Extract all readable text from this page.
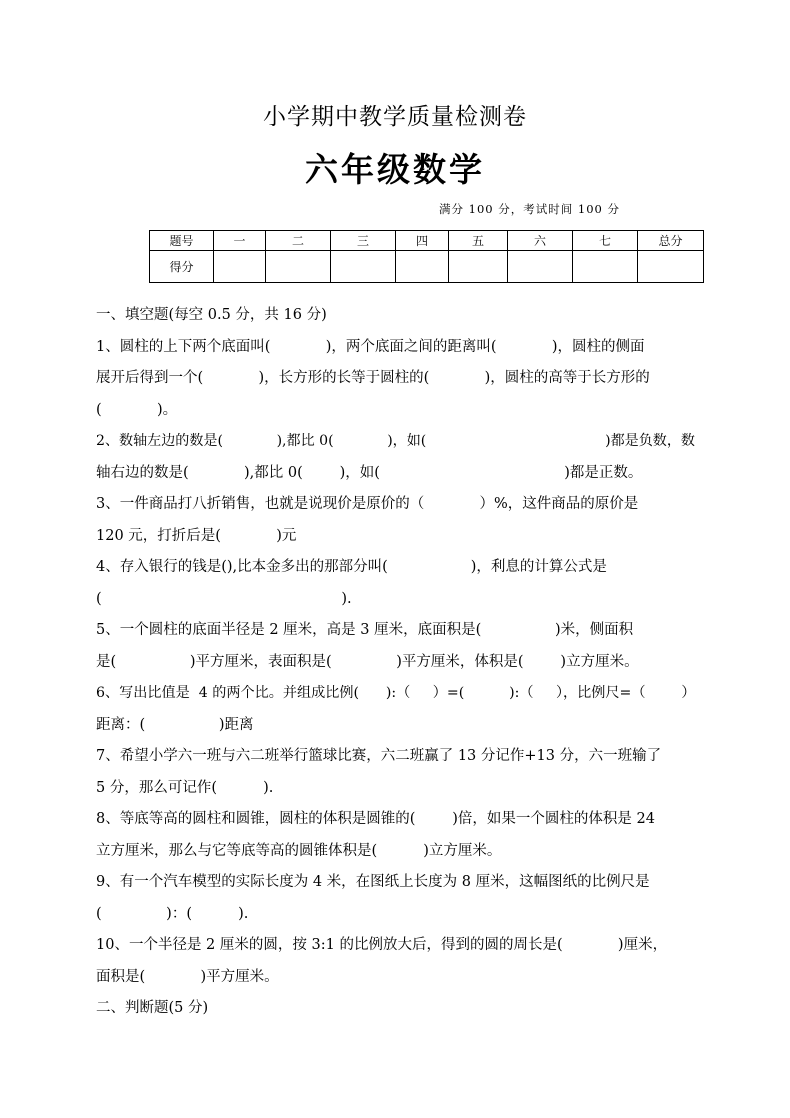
小学期中教学质量检测卷
六年级数学
满分 100 分，考试时间 100 分
题号	一	二	三	四	五	六	七	总分
得分								
一、填空题(每空 0.5 分，共 16 分)
1、圆柱的上下两个底面叫(            )，两个底面之间的距离叫(            )，圆柱的侧面
展开后得到一个(            )，长方形的长等于圆柱的(            )，圆柱的高等于长方形的
(            )。
2、数轴左边的数是(            ),都比 0(            )，如(                                        )都是负数，数
轴右边的数是(            ),都比 0(        )，如(                                        )都是正数。
3、一件商品打八折销售，也就是说现价是原价的（            ）%，这件商品的原价是
120 元，打折后是(            )元
4、存入银行的钱是(),比本金多出的那部分叫(                  )，利息的计算公式是
(                                                    ).
5、一个圆柱的底面半径是 2 厘米，高是 3 厘米，底面积是(                )米，侧面积
是(                )平方厘米，表面积是(              )平方厘米，体积是(        )立方厘米。
6、写出比值是  4 的两个比。并组成比例(      ):（     ）=(          ):（     ），比例尺=（        ）
距离：(                )距离
7、希望小学六一班与六二班举行篮球比赛，六二班赢了 13 分记作+13 分，六一班输了
5 分，那么可记作(          ).
8、等底等高的圆柱和圆锥，圆柱的体积是圆锥的(        )倍，如果一个圆柱的体积是 24
立方厘米，那么与它等底等高的圆锥体积是(          )立方厘米。
9、有一个汽车模型的实际长度为 4 米，在图纸上长度为 8 厘米，这幅图纸的比例尺是
(              )：(          ).
10、一个半径是 2 厘米的圆，按 3:1 的比例放大后，得到的圆的周长是(            )厘米，
面积是(            )平方厘米。
二、判断题(5 分)
